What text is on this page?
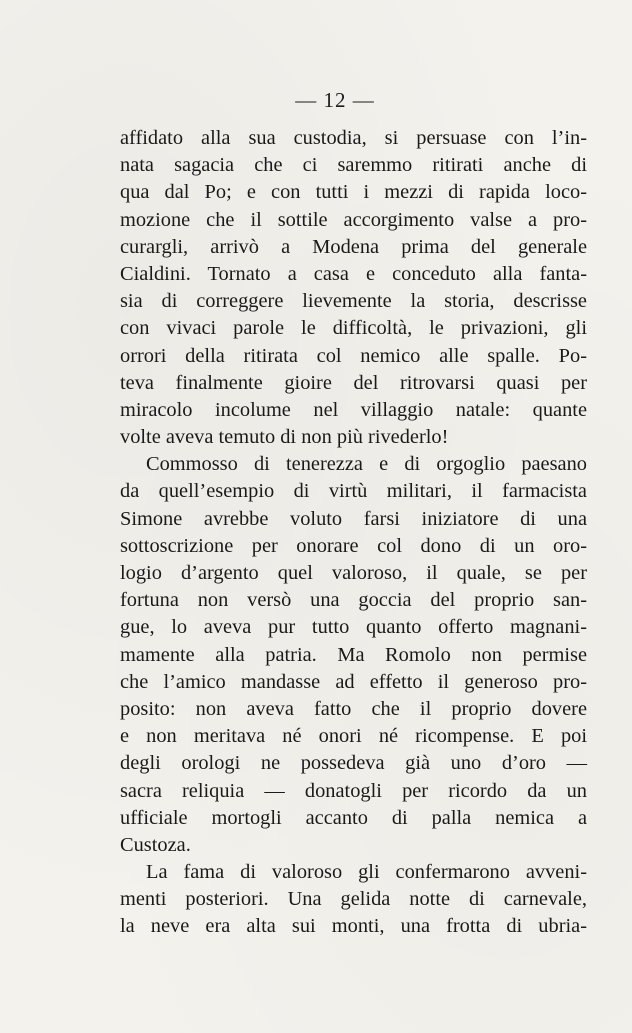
— 12 —

affidato alla sua custodia, si persuase con l’in-
nata sagacia che ci saremmo ritirati anche di
qua dal Po; e con tutti i mezzi di rapida loco-
mozione che il sottile accorgimento valse a pro-
curargli, arrivò a Modena prima del generale
Cialdini. Tornato a casa e conceduto alla fanta-
sia di correggere lievemente la storia, descrisse
con vivaci parole le difficoltà, le privazioni, gli
orrori della ritirata col nemico alle spalle. Po-
teva finalmente gioire del ritrovarsi quasi per
miracolo incolume nel villaggio natale: quante
volte aveva temuto di non più rivederlo!
Commosso di tenerezza e di orgoglio paesano
da quell’esempio di virtù militari, il farmacista
Simone avrebbe voluto farsi iniziatore di una
sottoscrizione per onorare col dono di un oro-
logio d’argento quel valoroso, il quale, se per
fortuna non versò una goccia del proprio san-
gue, lo aveva pur tutto quanto offerto magnani-
mamente alla patria. Ma Romolo non permise
che l’amico mandasse ad effetto il generoso pro-
posito: non aveva fatto che il proprio dovere
e non meritava né onori né ricompense. E poi
degli orologi ne possedeva già uno d’oro —
sacra reliquia — donatogli per ricordo da un
ufficiale mortogli accanto di palla nemica a
Custoza.
La fama di valoroso gli confermarono avveni-
menti posteriori. Una gelida notte di carnevale,
la neve era alta sui monti, una frotta di ubria-
